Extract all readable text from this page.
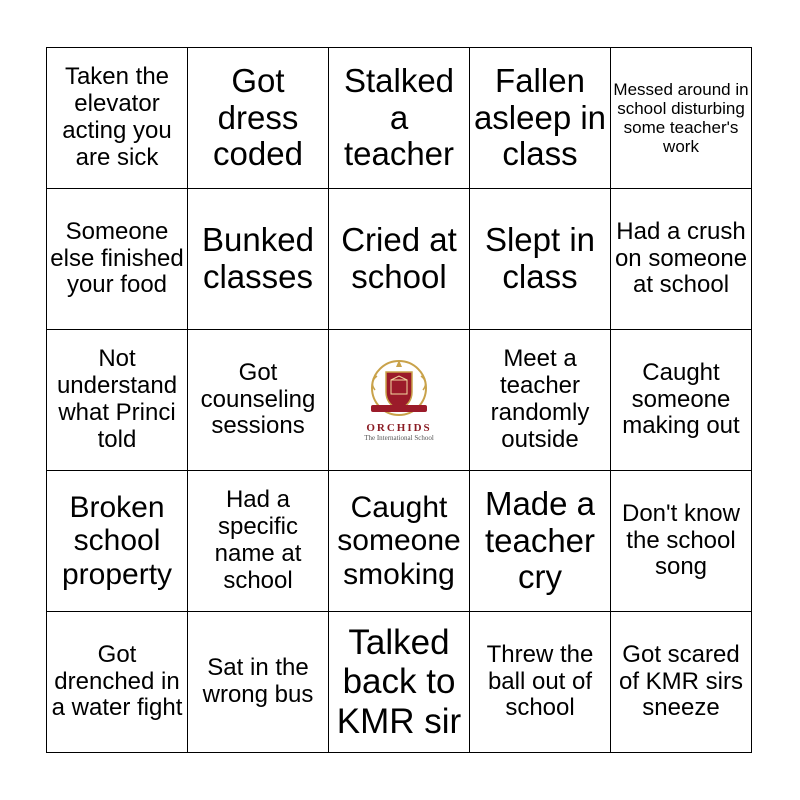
Taken the elevator acting you are sick
Got dress coded
Stalked a teacher
Fallen asleep in class
Messed around in school disturbing some teacher's work
Someone else finished your food
Bunked classes
Cried at school
Slept in class
Had a crush on someone at school
Not understand what Princi told
Got counseling sessions	ORCHIDS
The International School
Meet a teacher randomly outside
Caught someone making out
Broken school property
Had a specific name at school
Caught someone smoking
Made a teacher cry
Don't know the school song
Got drenched in a water fight
Sat in the wrong bus
Talked back to KMR sir
Threw the ball out of school
Got scared of KMR sirs sneeze
